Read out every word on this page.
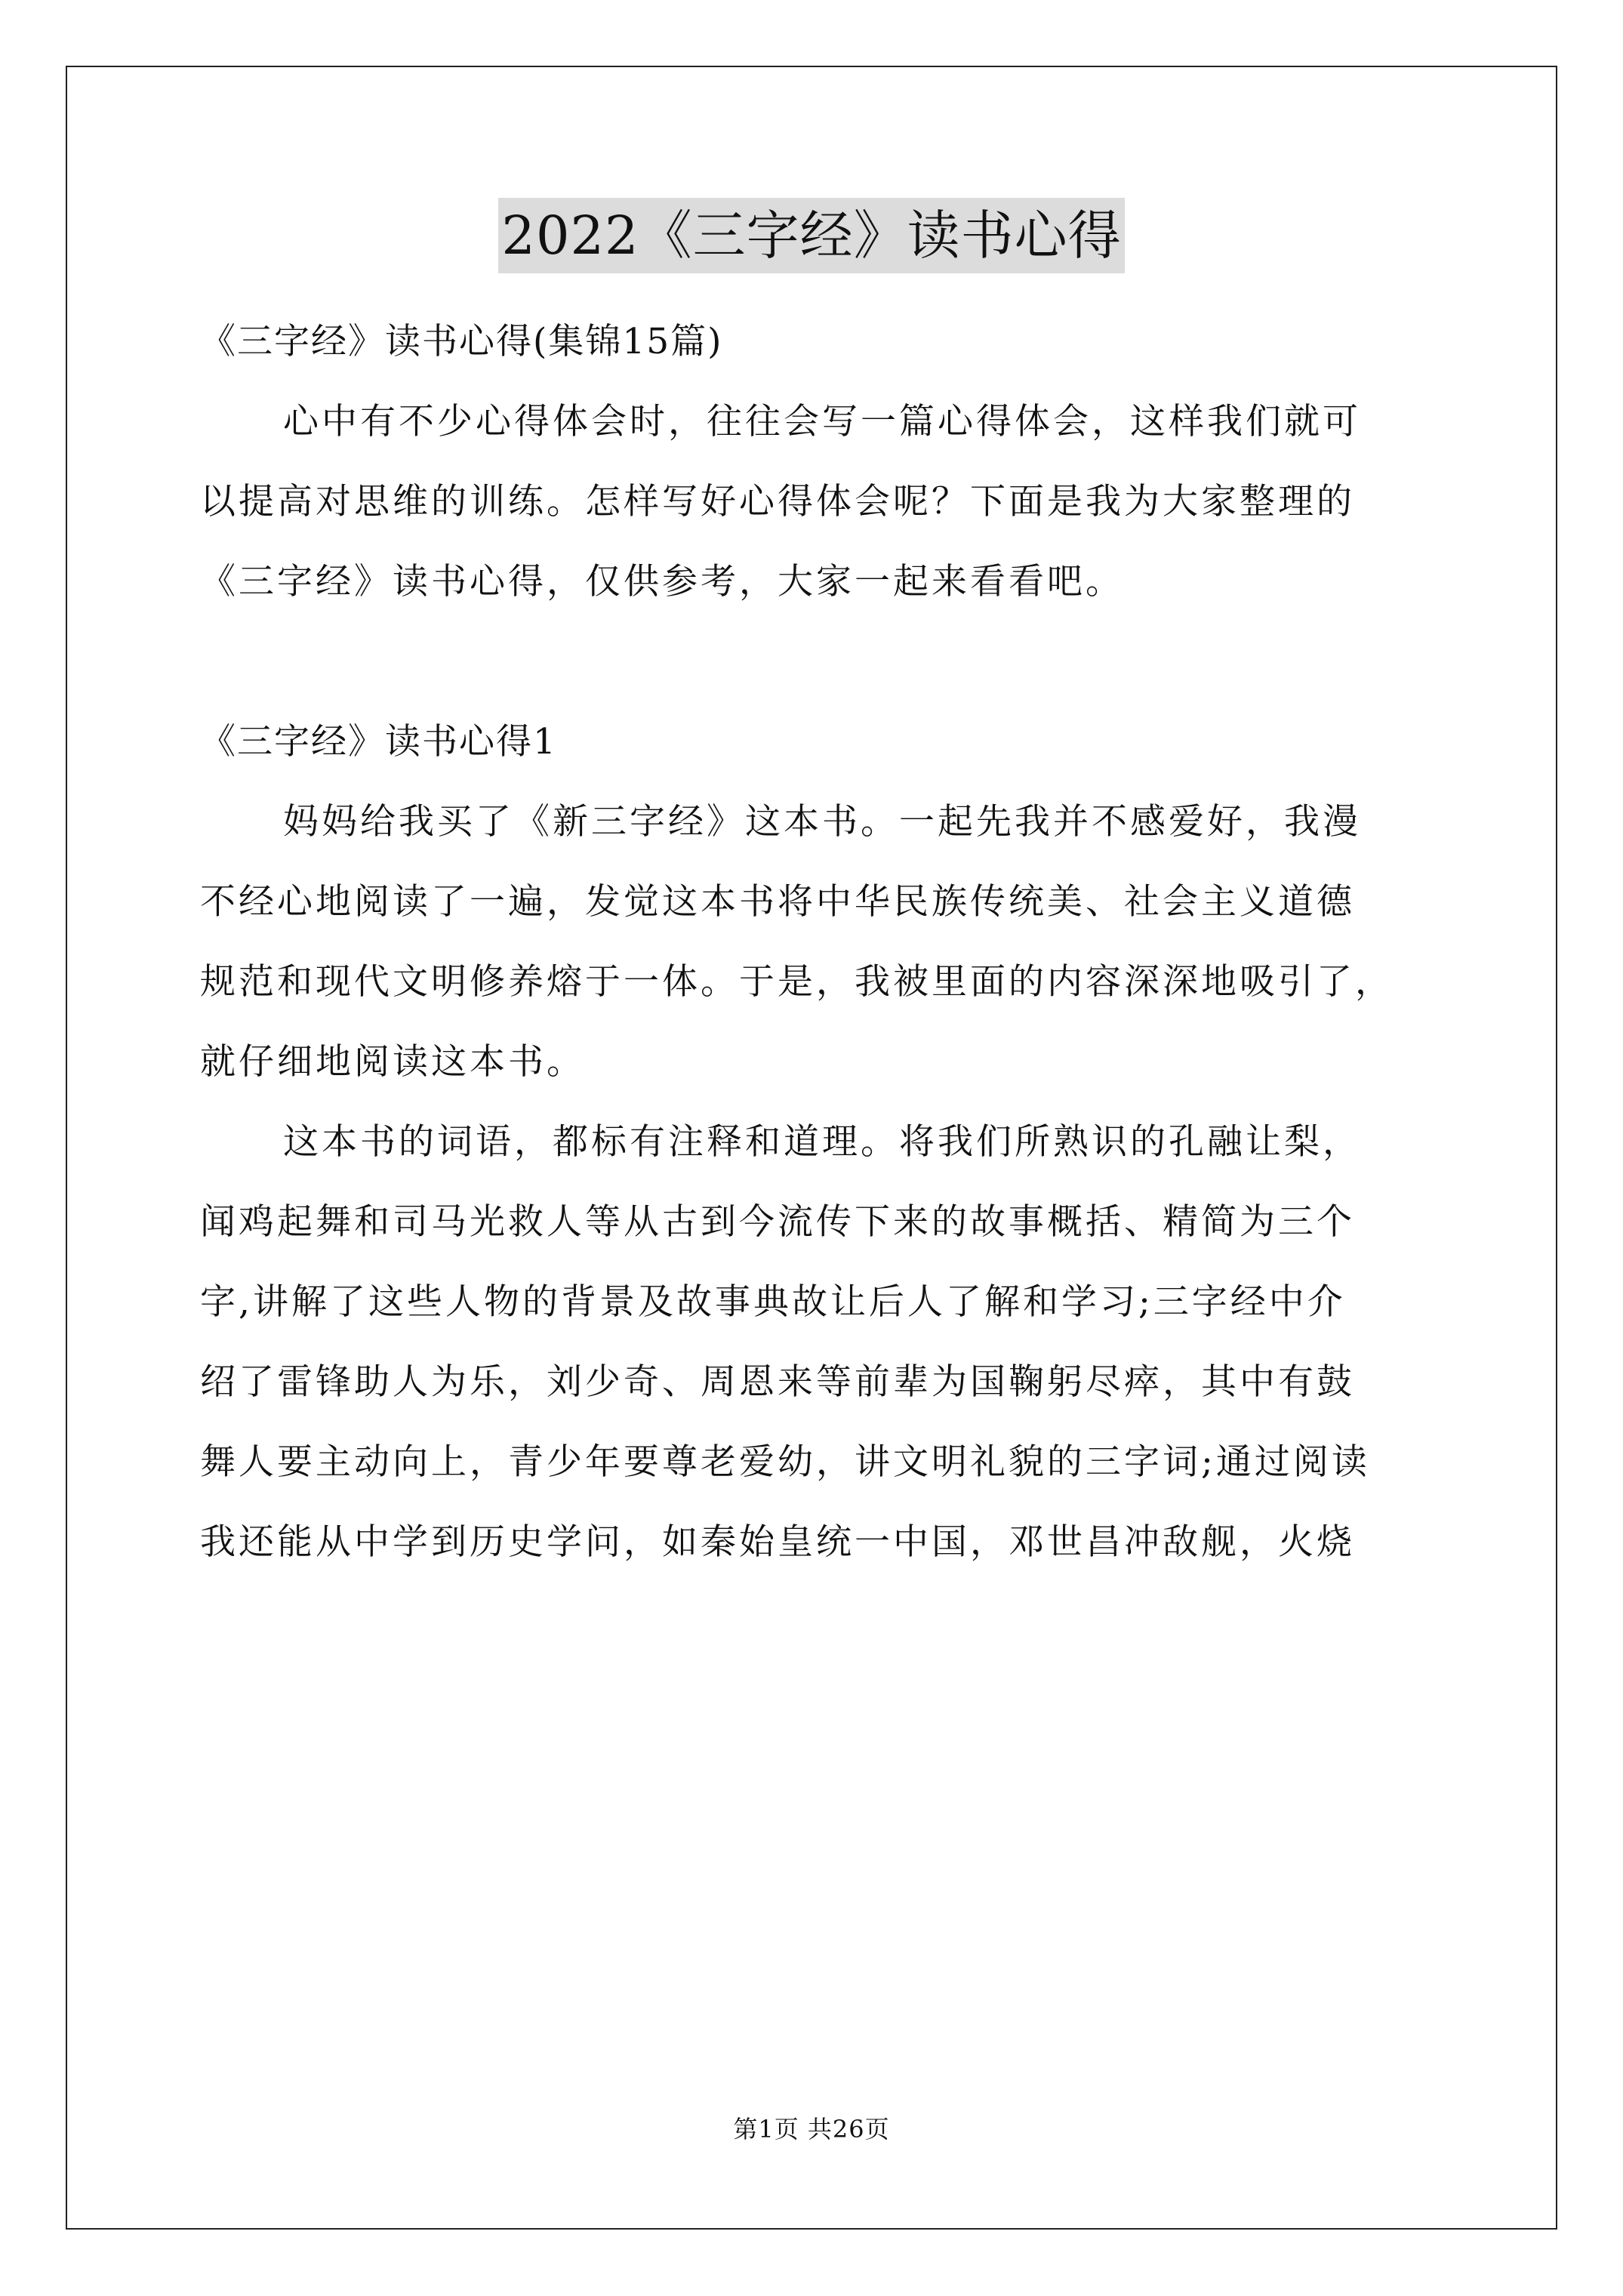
2022《三字经》读书心得
《三字经》读书心得(集锦15篇)
心中有不少心得体会时，往往会写一篇心得体会，这样我们就可
以提高对思维的训练。怎样写好心得体会呢？下面是我为大家整理的
《三字经》读书心得，仅供参考，大家一起来看看吧。
《三字经》读书心得1
妈妈给我买了《新三字经》这本书。一起先我并不感爱好，我漫
不经心地阅读了一遍，发觉这本书将中华民族传统美、社会主义道德
规范和现代文明修养熔于一体。于是，我被里面的内容深深地吸引了，
就仔细地阅读这本书。
这本书的词语，都标有注释和道理。将我们所熟识的孔融让梨，
闻鸡起舞和司马光救人等从古到今流传下来的故事概括、精简为三个
字,讲解了这些人物的背景及故事典故让后人了解和学习;三字经中介
绍了雷锋助人为乐，刘少奇、周恩来等前辈为国鞠躬尽瘁，其中有鼓
舞人要主动向上，青少年要尊老爱幼，讲文明礼貌的三字词;通过阅读
我还能从中学到历史学问，如秦始皇统一中国，邓世昌冲敌舰，火烧
第1页 共26页
